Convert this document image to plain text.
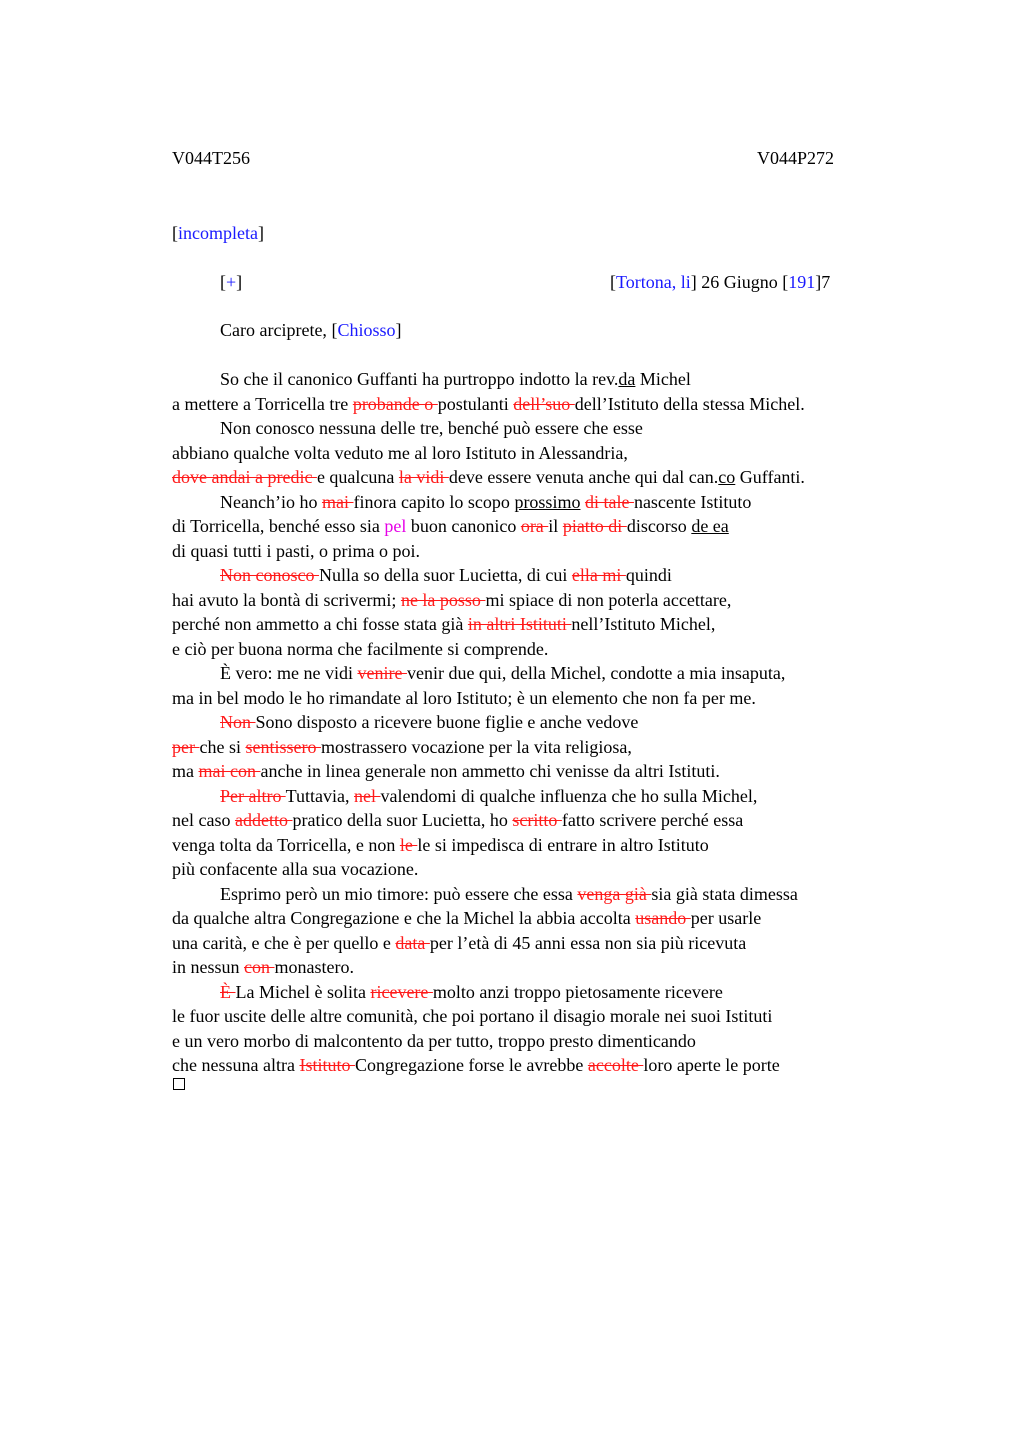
V044T256	V044P272
[incompleta]
[+]	[Tortona, li] 26 Giugno [191]7
Caro arciprete, [Chiosso]
So che il canonico Guffanti ha purtroppo indotto la rev.da Michel
a mettere a Torricella tre probande o postulanti dell’suo dell’Istituto della stessa Michel.
Non conosco nessuna delle tre, benché può essere che esse
abbiano qualche volta veduto me al loro Istituto in Alessandria,
dove andai a predic e qualcuna la vidi deve essere venuta anche qui dal can.co Guffanti.
Neanch’io ho mai finora capito lo scopo prossimo di tale nascente Istituto
di Torricella, benché esso sia pel buon canonico ora il piatto di discorso de ea
di quasi tutti i pasti, o prima o poi.
Non conosco Nulla so della suor Lucietta, di cui ella mi quindi
hai avuto la bontà di scrivermi; ne la posso mi spiace di non poterla accettare,
perché non ammetto a chi fosse stata già in altri Istituti nell’Istituto Michel,
e ciò per buona norma che facilmente si comprende.
È vero: me ne vidi venire venir due qui, della Michel, condotte a mia insaputa,
ma in bel modo le ho rimandate al loro Istituto; è un elemento che non fa per me.
Non Sono disposto a ricevere buone figlie e anche vedove
per che si sentissero mostrassero vocazione per la vita religiosa,
ma mai con anche in linea generale non ammetto chi venisse da altri Istituti.
Per altro Tuttavia, nel valendomi di qualche influenza che ho sulla Michel,
nel caso addetto pratico della suor Lucietta, ho scritto fatto scrivere perché essa
venga tolta da Torricella, e non le le si impedisca di entrare in altro Istituto
più confacente alla sua vocazione.
Esprimo però un mio timore: può essere che essa venga già sia già stata dimessa
da qualche altra Congregazione e che la Michel la abbia accolta usando per usarle
una carità, e che è per quello e data per l’età di 45 anni essa non sia più ricevuta
in nessun con monastero.
È La Michel è solita ricevere molto anzi troppo pietosamente ricevere
le fuor uscite delle altre comunità, che poi portano il disagio morale nei suoi Istituti
e un vero morbo di malcontento da per tutto, troppo presto dimenticando
che nessuna altra Istituto Congregazione forse le avrebbe accolte loro aperte le porte
